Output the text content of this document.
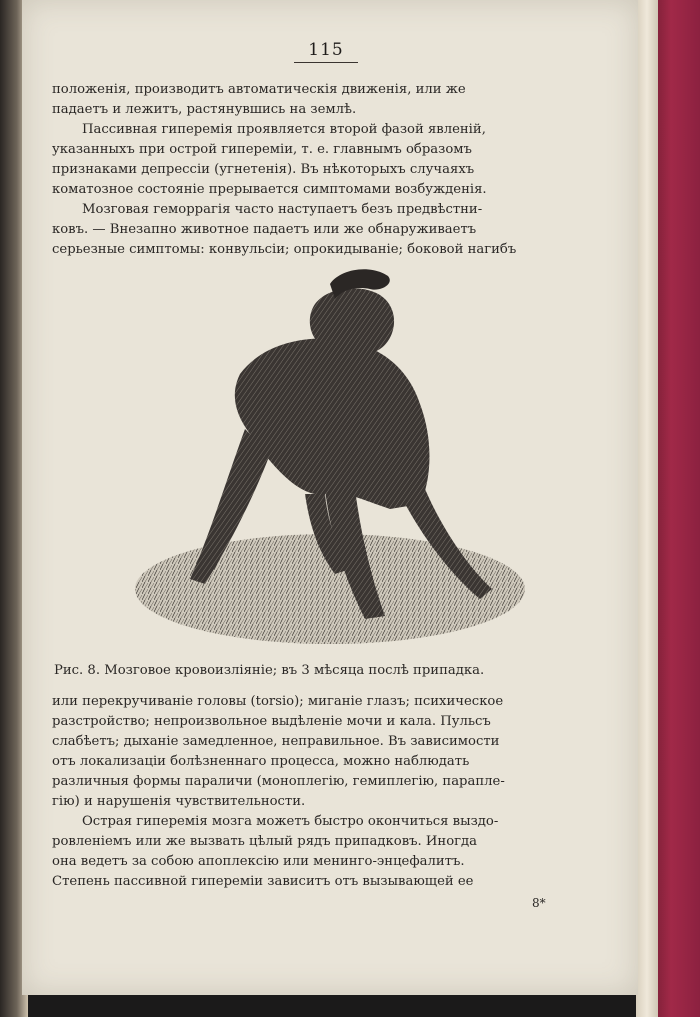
115
положенія, производитъ автоматическія движенія, или же
падаетъ и лежитъ, растянувшись на землѣ.
Пассивная гиперемія проявляется второй фазой явленій,
указанныхъ при острой гипереміи, т. е. главнымъ образомъ
признаками депрессіи (угнетенія). Въ нѣкоторыхъ случаяхъ
коматозное состояніе прерывается симптомами возбужденія.
Мозговая геморрагія часто наступаетъ безъ предвѣстни-
ковъ. — Внезапно животное падаетъ или же обнаруживаетъ
серьезные симптомы: конвульсіи; опрокидываніе; боковой нагибъ
Рис. 8. Мозговое кровоизліяніе; въ 3 мѣсяца послѣ припадка.
или перекручиваніе головы (torsio); миганіе глазъ; психическое
разстройство; непроизвольное выдѣленіе мочи и кала. Пульсъ
слабѣетъ; дыханіе замедленное, неправильное. Въ зависимости
отъ локализаціи болѣзненнаго процесса, можно наблюдать
различныя формы параличи (моноплегію, гемиплегію, параплe-
гію) и нарушенія чувствительности.
Острая гиперемія мозга можетъ быстро окончиться выздо-
ровленіемъ или же вызвать цѣлый рядъ припадковъ. Иногда
она ведетъ за собою апоплексію или менинго-энцефалитъ.
Степень пассивной гипереміи зависитъ отъ вызывающей ее
8*
